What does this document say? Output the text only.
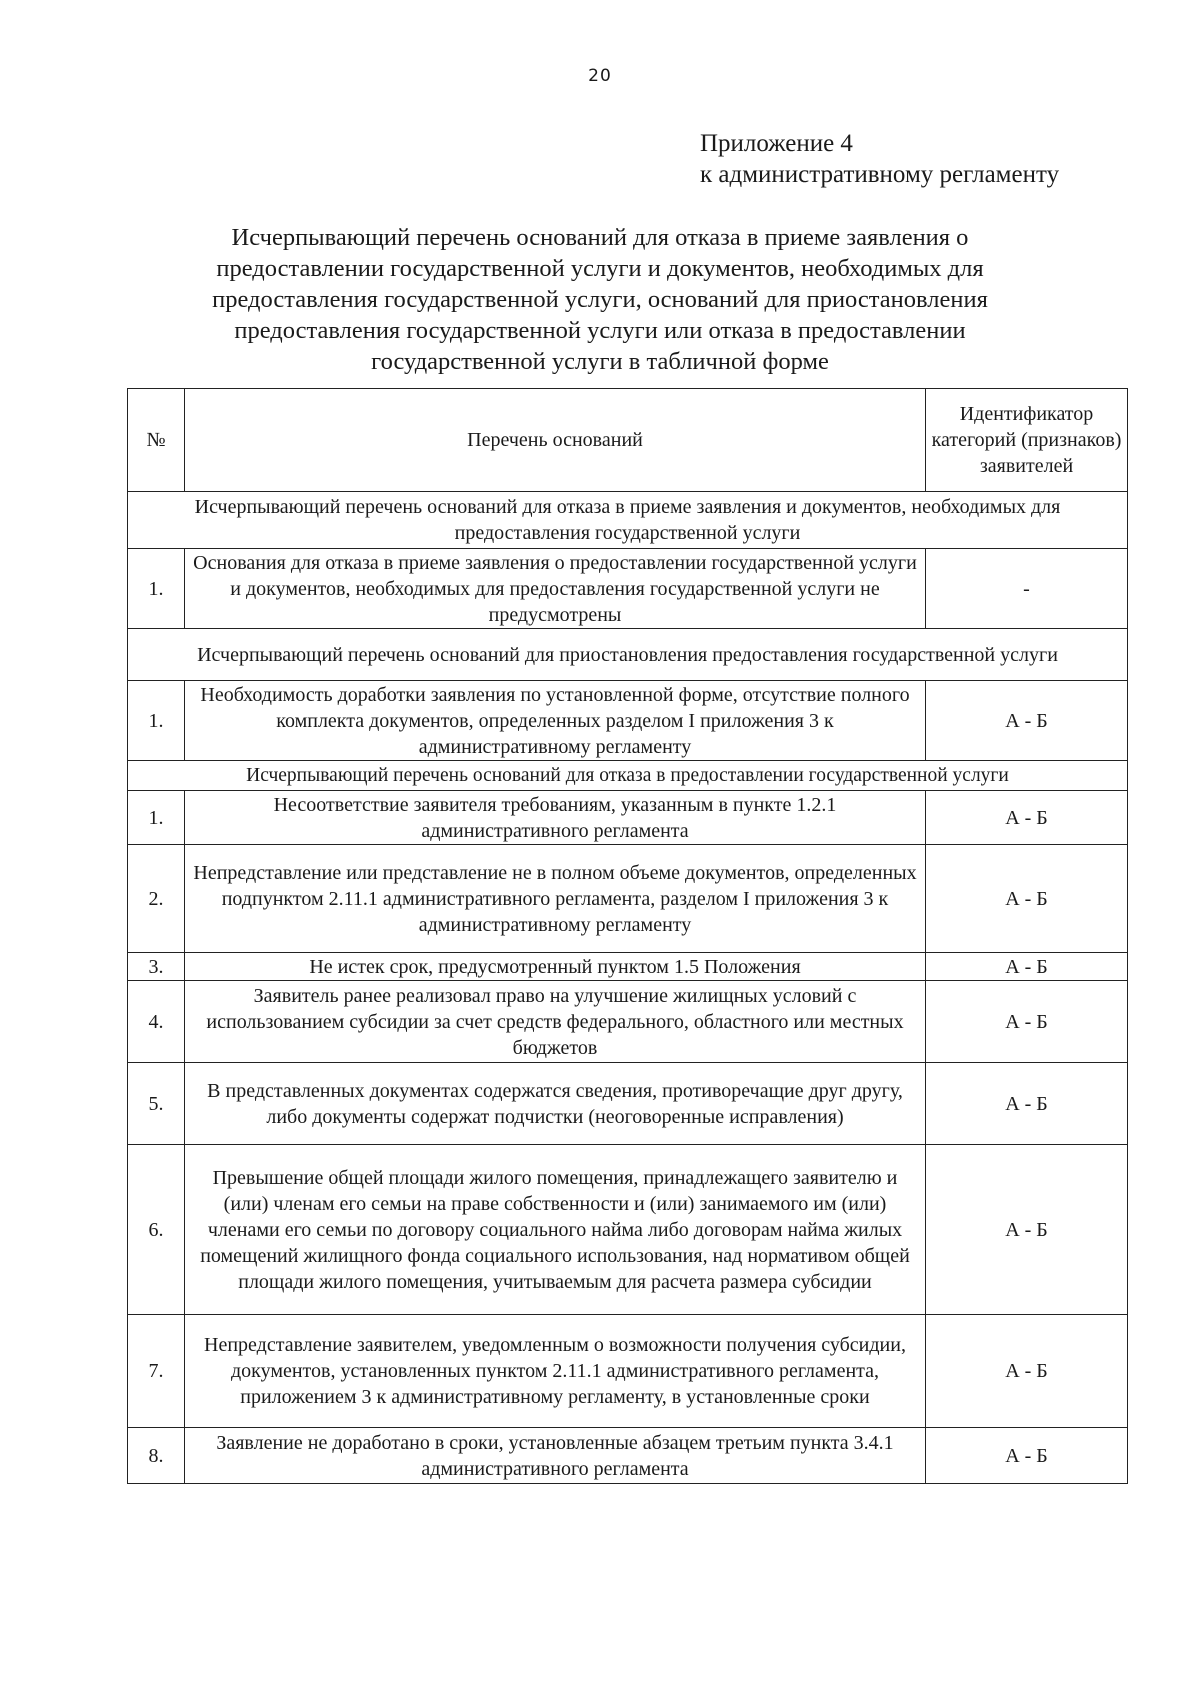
20
Приложение 4
к административному регламенту
Исчерпывающий перечень оснований для отказа в приеме заявления о предоставлении государственной услуги и документов, необходимых для предоставления государственной услуги, оснований для приостановления предоставления государственной услуги или отказа в предоставлении государственной услуги в табличной форме
№	Перечень оснований	Идентификатор категорий (признаков) заявителей
Исчерпывающий перечень оснований для отказа в приеме заявления и документов, необходимых для предоставления государственной услуги		
1.	Основания для отказа в приеме заявления о предоставлении государственной услуги и документов, необходимых для предоставления государственной услуги не предусмотрены	-
Исчерпывающий перечень оснований для приостановления предоставления государственной услуги		
1.	Необходимость доработки заявления по установленной форме, отсутствие полного комплекта документов, определенных разделом I приложения 3 к административному регламенту	А - Б
Исчерпывающий перечень оснований для отказа в предоставлении государственной услуги		
1.	Несоответствие заявителя требованиям, указанным в пункте 1.2.1 административного регламента	А - Б
2.	Непредставление или представление не в полном объеме документов, определенных подпунктом 2.11.1 административного регламента, разделом I приложения 3 к административному регламенту	А - Б
3.	Не истек срок, предусмотренный пунктом 1.5 Положения	А - Б
4.	Заявитель ранее реализовал право на улучшение жилищных условий с использованием субсидии за счет средств федерального, областного или местных бюджетов	А - Б
5.	В представленных документах содержатся сведения, противоречащие друг другу, либо документы содержат подчистки (неоговоренные исправления)	А - Б
6.	Превышение общей площади жилого помещения, принадлежащего заявителю и (или) членам его семьи на праве собственности и (или) занимаемого им (или) членами его семьи по договору социального найма либо договорам найма жилых помещений жилищного фонда социального использования, над нормативом общей площади жилого помещения, учитываемым для расчета размера субсидии	А - Б
7.	Непредставление заявителем, уведомленным о возможности получения субсидии, документов, установленных пунктом 2.11.1 административного регламента, приложением 3 к административному регламенту, в установленные сроки	А - Б
8.	Заявление не доработано в сроки, установленные абзацем третьим пункта 3.4.1 административного регламента	А - Б
